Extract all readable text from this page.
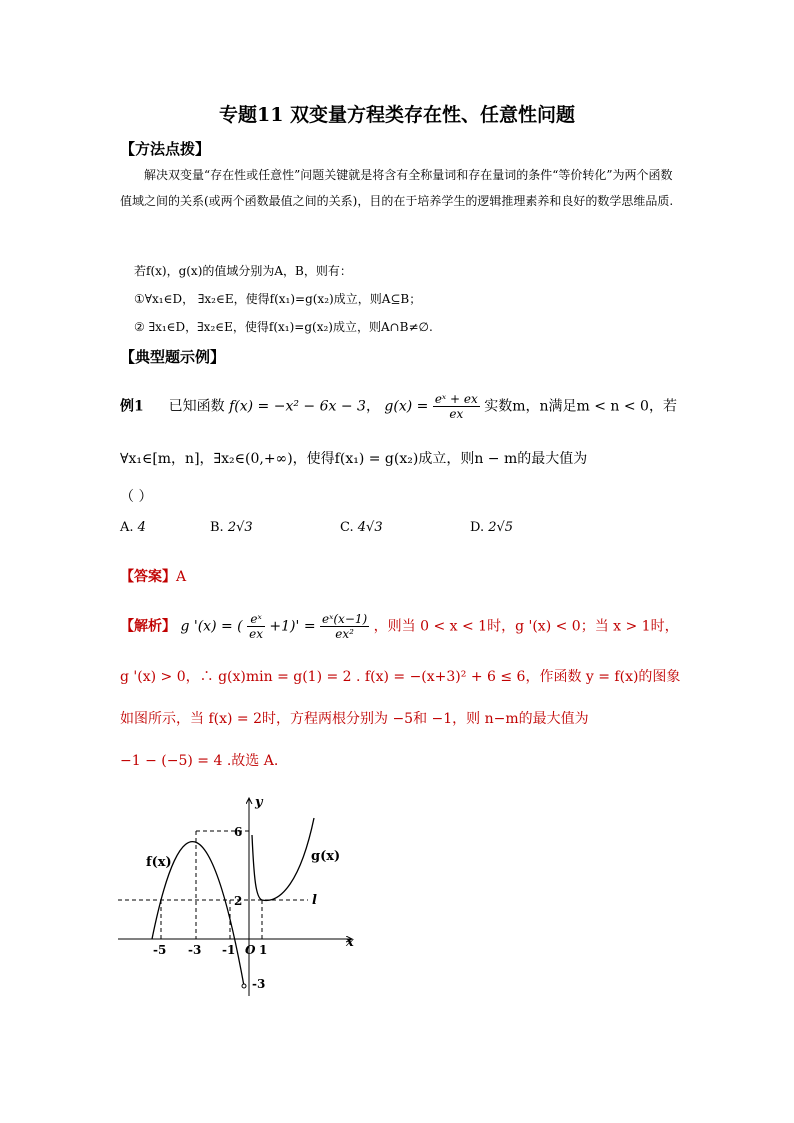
专题11 双变量方程类存在性、任意性问题
【方法点拨】
解决双变量“存在性或任意性”问题关键就是将含有全称量词和存在量词的条件“等价转化”为两个函数值域之间的关系(或两个函数最值之间的关系)，目的在于培养学生的逻辑推理素养和良好的数学思维品质.
若f(x)，g(x)的值域分别为A，B，则有：
①∀x₁∈D， ∃x₂∈E，使得f(x₁)=g(x₂)成立，则A⊆B；
② ∃x₁∈D，∃x₂∈E，使得f(x₁)=g(x₂)成立，则A∩B≠∅.
【典型题示例】
例1 已知函数 f(x) = −x² − 6x − 3， $g(x) = \frac{\text{eˣ + ex}}{ex}$ 实数m，n满足m < n < 0，若
∀x₁∈[m，n]，∃x₂∈(0,+∞)，使得f(x₁) = g(x₂)成立，则n − m的最大值为
（ ）
A. 4	B. 2√3	C. 4√3	D. 2√5
【答案】A
【解析】 g '(x) = ( $\frac{\text{eˣ}}{ex} +1)' = \frac{\text{eˣ(x−1)}}{\text{ex²}}$ ，则当 0 < x < 1时，g '(x) < 0；当 x > 1时，
g '(x) > 0，∴ g(x)min = g(1) = 2 . f(x) = −(x+3)² + 6 ≤ 6，作函数 y = f(x)的图象
如图所示，当 f(x) = 2时，方程两根分别为 −5和 −1，则 n−m的最大值为
−1 − (−5) = 4 .故选 A.
y
x
O
f(x)	g(x)
l
-5 -3 -1 1
6
2
-3
